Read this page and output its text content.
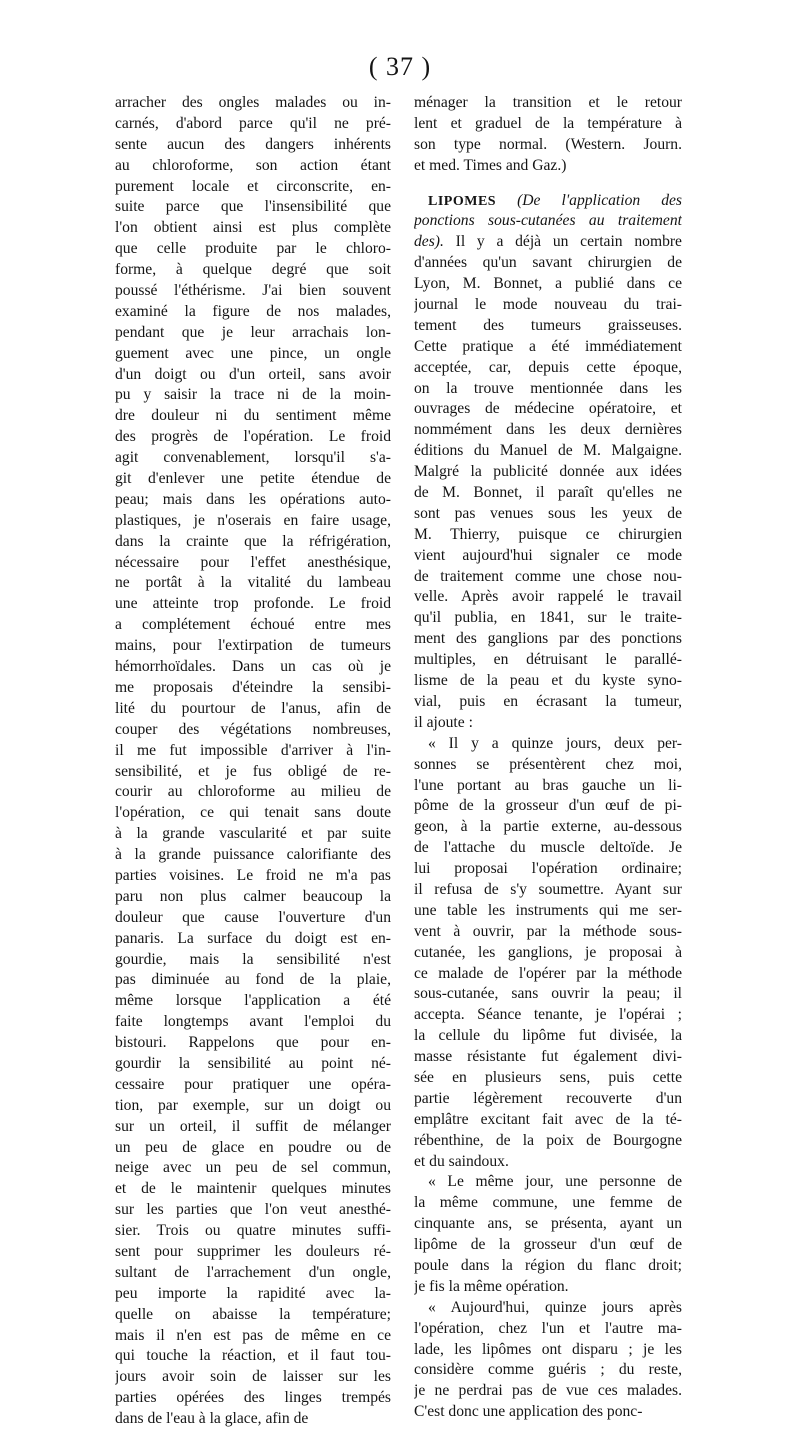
( 37 )
arracher des ongles malades ou in-
carnés, d'abord parce qu'il ne pré-
sente aucun des dangers inhérents
au chloroforme, son action étant
purement locale et circonscrite, en-
suite parce que l'insensibilité que
l'on obtient ainsi est plus complète
que celle produite par le chloro-
forme, à quelque degré que soit
poussé l'éthérisme. J'ai bien souvent
examiné la figure de nos malades,
pendant que je leur arrachais lon-
guement avec une pince, un ongle
d'un doigt ou d'un orteil, sans avoir
pu y saisir la trace ni de la moin-
dre douleur ni du sentiment même
des progrès de l'opération. Le froid
agit convenablement, lorsqu'il s'a-
git d'enlever une petite étendue de
peau; mais dans les opérations auto-
plastiques, je n'oserais en faire usage,
dans la crainte que la réfrigération,
nécessaire pour l'effet anesthésique,
ne portât à la vitalité du lambeau
une atteinte trop profonde. Le froid
a complétement échoué entre mes
mains, pour l'extirpation de tumeurs
hémorrhoïdales. Dans un cas où je
me proposais d'éteindre la sensibi-
lité du pourtour de l'anus, afin de
couper des végétations nombreuses,
il me fut impossible d'arriver à l'in-
sensibilité, et je fus obligé de re-
courir au chloroforme au milieu de
l'opération, ce qui tenait sans doute
à la grande vascularité et par suite
à la grande puissance calorifiante des
parties voisines. Le froid ne m'a pas
paru non plus calmer beaucoup la
douleur que cause l'ouverture d'un
panaris. La surface du doigt est en-
gourdie, mais la sensibilité n'est
pas diminuée au fond de la plaie,
même lorsque l'application a été
faite longtemps avant l'emploi du
bistouri. Rappelons que pour en-
gourdir la sensibilité au point né-
cessaire pour pratiquer une opéra-
tion, par exemple, sur un doigt ou
sur un orteil, il suffit de mélanger
un peu de glace en poudre ou de
neige avec un peu de sel commun,
et de le maintenir quelques minutes
sur les parties que l'on veut anesthé-
sier. Trois ou quatre minutes suffi-
sent pour supprimer les douleurs ré-
sultant de l'arrachement d'un ongle,
peu importe la rapidité avec la-
quelle on abaisse la température;
mais il n'en est pas de même en ce
qui touche la réaction, et il faut tou-
jours avoir soin de laisser sur les
parties opérées des linges trempés
dans de l'eau à la glace, afin de
ménager la transition et le retour
lent et graduel de la température à
son type normal. (Western. Journ.
et med. Times and Gaz.)
LIPOMES (De l'application des
ponctions sous-cutanées au traitement
des). Il y a déjà un certain nombre
d'années qu'un savant chirurgien de
Lyon, M. Bonnet, a publié dans ce
journal le mode nouveau du trai-
tement des tumeurs graisseuses.
Cette pratique a été immédiatement
acceptée, car, depuis cette époque,
on la trouve mentionnée dans les
ouvrages de médecine opératoire, et
nommément dans les deux dernières
éditions du Manuel de M. Malgaigne.
Malgré la publicité donnée aux idées
de M. Bonnet, il paraît qu'elles ne
sont pas venues sous les yeux de
M. Thierry, puisque ce chirurgien
vient aujourd'hui signaler ce mode
de traitement comme une chose nou-
velle. Après avoir rappelé le travail
qu'il publia, en 1841, sur le traite-
ment des ganglions par des ponctions
multiples, en détruisant le parallé-
lisme de la peau et du kyste syno-
vial, puis en écrasant la tumeur,
il ajoute :
« Il y a quinze jours, deux per-
sonnes se présentèrent chez moi,
l'une portant au bras gauche un li-
pôme de la grosseur d'un œuf de pi-
geon, à la partie externe, au-dessous
de l'attache du muscle deltoïde. Je
lui proposai l'opération ordinaire;
il refusa de s'y soumettre. Ayant sur
une table les instruments qui me ser-
vent à ouvrir, par la méthode sous-
cutanée, les ganglions, je proposai à
ce malade de l'opérer par la méthode
sous-cutanée, sans ouvrir la peau; il
accepta. Séance tenante, je l'opérai ;
la cellule du lipôme fut divisée, la
masse résistante fut également divi-
sée en plusieurs sens, puis cette
partie légèrement recouverte d'un
emplâtre excitant fait avec de la té-
rébenthine, de la poix de Bourgogne
et du saindoux.
« Le même jour, une personne de
la même commune, une femme de
cinquante ans, se présenta, ayant un
lipôme de la grosseur d'un œuf de
poule dans la région du flanc droit;
je fis la même opération.
« Aujourd'hui, quinze jours après
l'opération, chez l'un et l'autre ma-
lade, les lipômes ont disparu ; je les
considère comme guéris ; du reste,
je ne perdrai pas de vue ces malades.
C'est donc une application des ponc-
